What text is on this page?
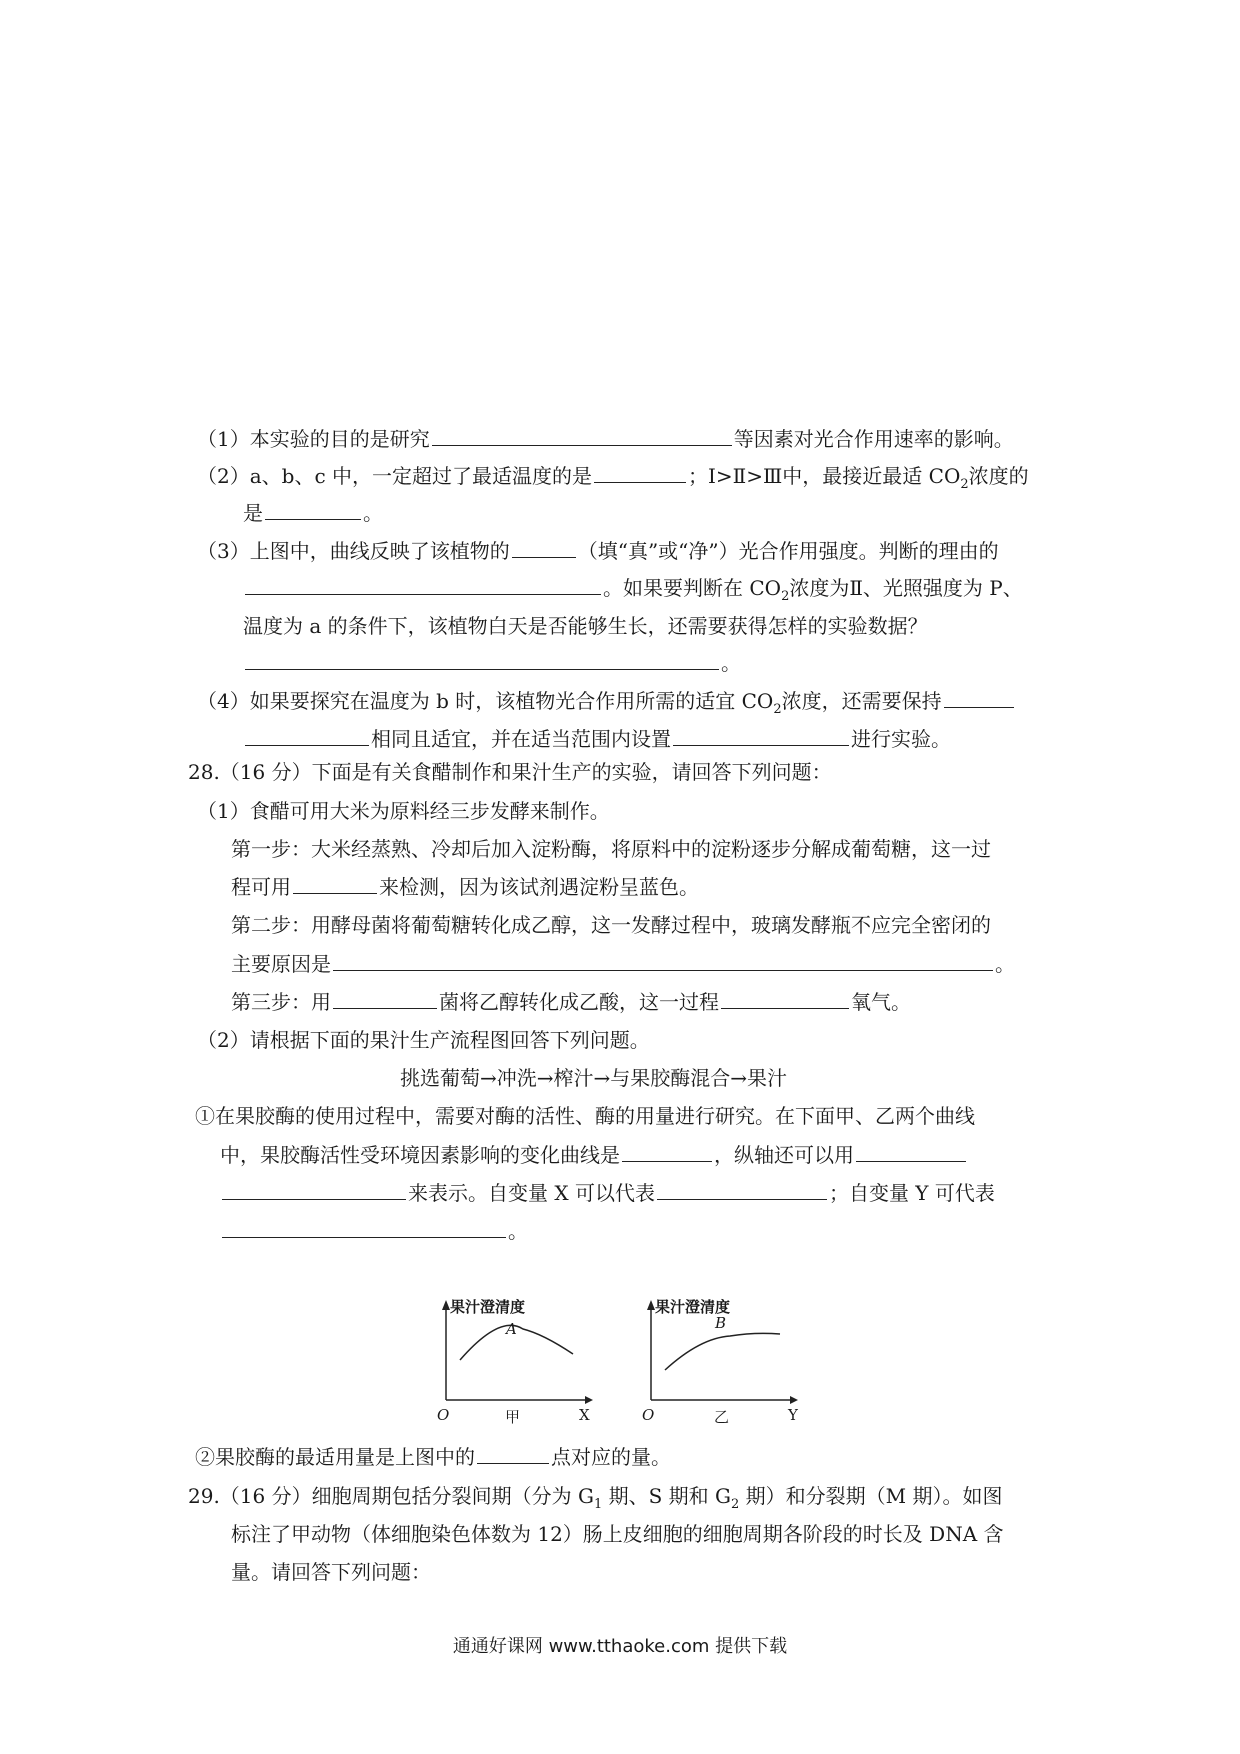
（1）本实验的目的是研究	等因素对光合作用速率的影响。
（2）a、b、c 中，一定超过了最适温度的是	；Ⅰ>Ⅱ>Ⅲ中，最接近最适 $CO_2$浓度的
是	。
（3）上图中，曲线反映了该植物的	（填“真”或“净”）光合作用强度。判断的理由的
。如果要判断在 $CO_2$浓度为Ⅱ、光照强度为 P、
温度为 a 的条件下，该植物白天是否能够生长，还需要获得怎样的实验数据？
。
（4）如果要探究在温度为 b 时，该植物光合作用所需的适宜 $CO_2$浓度，还需要保持
相同且适宜，并在适当范围内设置	进行实验。
28.（16 分）下面是有关食醋制作和果汁生产的实验，请回答下列问题：
（1）食醋可用大米为原料经三步发酵来制作。
第一步：大米经蒸熟、冷却后加入淀粉酶，将原料中的淀粉逐步分解成葡萄糖，这一过
程可用	来检测，因为该试剂遇淀粉呈蓝色。
第二步：用酵母菌将葡萄糖转化成乙醇，这一发酵过程中，玻璃发酵瓶不应完全密闭的
主要原因是	。
第三步：用	菌将乙醇转化成乙酸，这一过程	氧气。
（2）请根据下面的果汁生产流程图回答下列问题。
挑选葡萄→冲洗→榨汁→与果胶酶混合→果汁
①在果胶酶的使用过程中，需要对酶的活性、酶的用量进行研究。在下面甲、乙两个曲线
中，果胶酶活性受环境因素影响的变化曲线是	，纵轴还可以用
来表示。自变量 X 可以代表	；自变量 Y 可代表
。
果汁澄清度
A
O	X
甲
果汁澄清度
B
O	Y
乙
②果胶酶的最适用量是上图中的	点对应的量。
29.（16 分）细胞周期包括分裂间期（分为 $G_1$ 期、S 期和 $G_2$ 期）和分裂期（M 期）。如图
标注了甲动物（体细胞染色体数为 12）肠上皮细胞的细胞周期各阶段的时长及 DNA 含
量。请回答下列问题：
通通好课网 www.tthaoke.com 提供下载
